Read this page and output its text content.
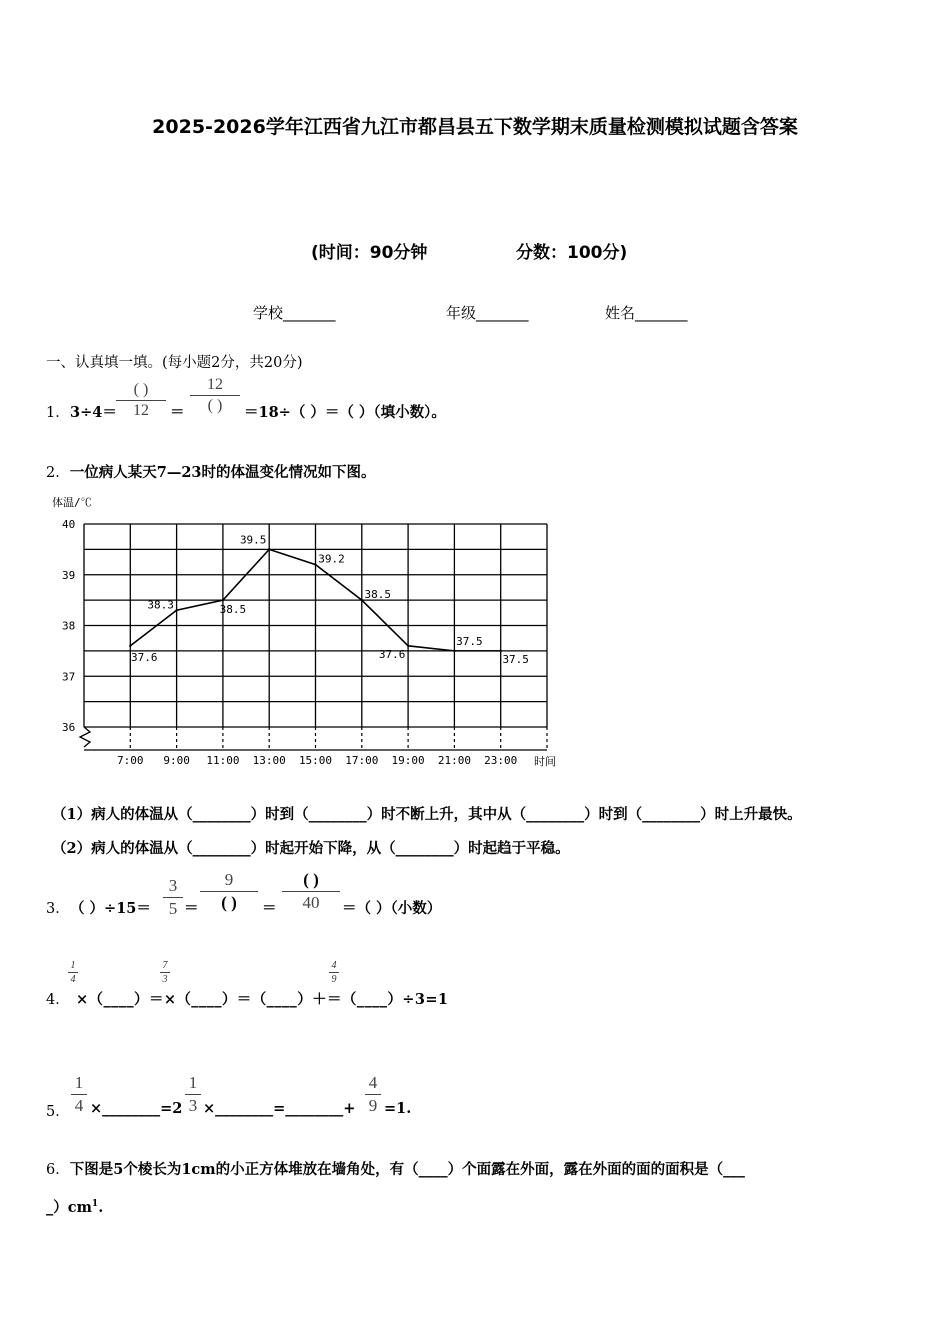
2025-2026学年江西省九江市都昌县五下数学期末质量检测模拟试题含答案
(时间：90分钟	分数：100分)
学校_______	年级_______	姓名_______
一、认真填一填。(每小题2分，共20分)
1． 3÷4＝
( )
12	＝
12
( )	＝18÷（ ）＝（ ）（填小数）。
2．一位病人某天7—23时的体温变化情况如下图。
体温/℃
40
39
38
37
36
7:00 9:00 11:00 13:00 15:00 17:00 19:00 21:00 23:00
37.6
38.3	38.5
39.5
39.2
38.5
37.6
37.5
37.5
时间
（1）病人的体温从（________）时到（________）时不断上升，其中从（________）时到（________）时上升最快。
（2）病人的体温从（________）时起开始下降，从（________）时起趋于平稳。
3． （ ）÷15＝
3
5 ＝
9
( )	＝
( )
40	＝（ ）（小数）
4．
1
4
7
3
4
9
×（____）＝×（____）＝（____）＋＝（____）÷3=1
5．
1
4 ×________=2
1
3 ×________=________+
4
9 =1.
6．下图是5个棱长为1cm的小正方体堆放在墙角处，有（____）个面露在外面，露在外面的面的面积是（___
$\_)cm^1$.
